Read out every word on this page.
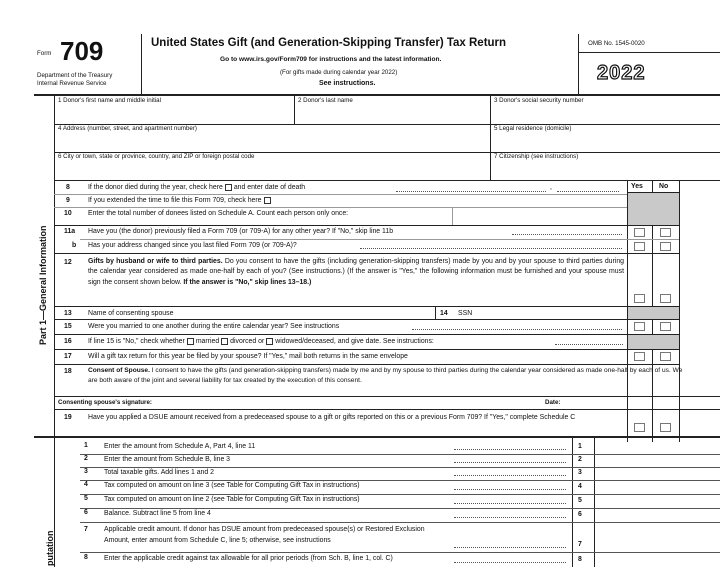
Form 709
Department of the Treasury
Internal Revenue Service
United States Gift (and Generation-Skipping Transfer) Tax Return
Go to www.irs.gov/Form709 for instructions and the latest information.
(For gifts made during calendar year 2022)
See instructions.
OMB No. 1545-0020
2022
Part 1—General Information
1 Donor's first name and middle initial	2 Donor's last name	3 Donor's social security number
4 Address (number, street, and apartment number)	5 Legal residence (domicile)
6 City or town, state or province, country, and ZIP or foreign postal code	7 Citizenship (see instructions)
Yes No
8	If the donor died during the year, check here and enter date of death	,
9	If you extended the time to file this Form 709, check here
10 Enter the total number of donees listed on Schedule A. Count each person only once:
11a Have you (the donor) previously filed a Form 709 (or 709-A) for any other year? If "No," skip line 11b
b Has your address changed since you last filed Form 709 (or 709-A)?
12 Gifts by husband or wife to third parties. Do you consent to have the gifts (including generation-skipping transfers) made by you and by your spouse to third parties during the calendar year considered as made one-half by each of you? (See instructions.) (If the answer is "Yes," the following information must be furnished and your spouse must sign the consent shown below. If the answer is "No," skip lines 13–18.)
13 Name of consenting spouse	14 SSN
15 Were you married to one another during the entire calendar year? See instructions
16 If line 15 is "No," check whether married divorced or widowed/deceased, and give date. See instructions:
17 Will a gift tax return for this year be filed by your spouse? If "Yes," mail both returns in the same envelope
18 Consent of Spouse. I consent to have the gifts (and generation-skipping transfers) made by me and by my spouse to third parties during the calendar year considered as made one-half by each of us. We are both aware of the joint and several liability for tax created by the execution of this consent.
Consenting spouse's signature:	Date:
19 Have you applied a DSUE amount received from a predeceased spouse to a gift or gifts reported on this or a previous Form 709? If "Yes," complete Schedule C
putation
1 Enter the amount from Schedule A, Part 4, line 11	1
2 Enter the amount from Schedule B, line 3	2
3 Total taxable gifts. Add lines 1 and 2	3
4 Tax computed on amount on line 3 (see Table for Computing Gift Tax in instructions)	4
5 Tax computed on amount on line 2 (see Table for Computing Gift Tax in instructions)	5
6 Balance. Subtract line 5 from line 4	6
7 Applicable credit amount. If donor has DSUE amount from predeceased spouse(s) or Restored Exclusion
Amount, enter amount from Schedule C, line 5; otherwise, see instructions
7
8 Enter the applicable credit against tax allowable for all prior periods (from Sch. B, line 1, col. C)	8
